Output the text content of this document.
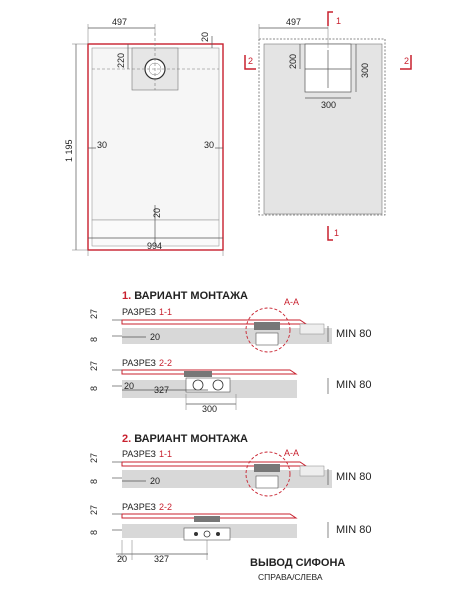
497
20
220
1 195	30	30
20
994
497
200
300
300
1
1
2	2
1. ВАРИАНТ МОНТАЖА	А-А
РАЗРЕЗ 1-1
27
8	20	MIN 80
РАЗРЕЗ 2-2
27
8	20 327
300
MIN 80
2. ВАРИАНТ МОНТАЖА
А-А
РАЗРЕЗ 1-1
27
8	20	MIN 80
РАЗРЕЗ 2-2
27
8
20	327
MIN 80
ВЫВОД СИФОНА
СПРАВА/СЛЕВА
